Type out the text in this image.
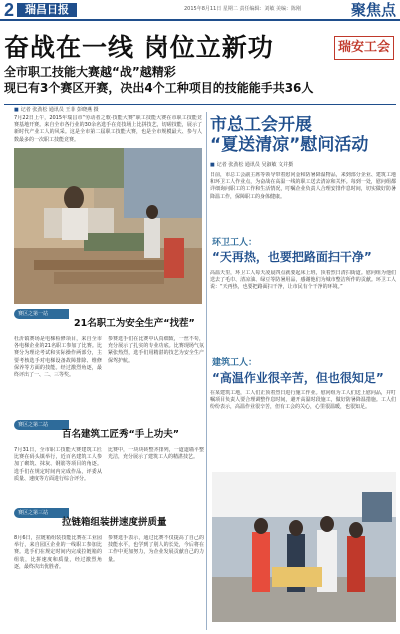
2 瑞昌日报	2015年8月11日 星期二 责任编辑：刘敏 美编：陈刚	聚焦点
奋战在一线 岗位立新功
全市职工技能大赛越“战”越精彩
现已有3个赛区开赛，决出4个工种项目的技能能手共36人
瑞安工会
■ 记者 张劲松 通讯员 王菲 彭晓燕 摄
7月22日上午，2015年瑞昌市“劳动者之歌·技能大赛”职工技能大赛在市职工技能竞赛基地开赛。来自全市各行业的30余名选手在竞技场上比拼技艺，切磋技能，展示了新时代产业工人的风采。这是全市第二届职工技能大赛，也是全市规模最大、参与人数最多的一次职工技能竞赛。
赛区之第一站
21名职工为安全生产“找茬”
杜沂镇赛场是电梯检修项目，来自全市各电梯企业的21名职工参加了比赛。比赛分为理论考试和实际操作两部分，主要考核选手对电梯设备故障排除、维修保养等方面的技能。经过激烈角逐，最终评出了一、二、三等奖。
参赛选手们在比赛中认真细致，一丝不苟，充分展示了扎实的专业功底。比赛现场气氛紧张热烈，选手们用精湛的技艺为安全生产保驾护航。
赛区之第二站
百名建筑工匠秀“手上功夫”
7月31日，全市职工技能大赛建筑工匠比赛在码头镇举行，近百名建筑工人参加了砌筑、抹灰、钢筋等项目的角逐。选手们在规定时间内完成作品，评委从质量、速度等方面进行综合评分。
比赛中，一块块砖整齐排列，一道道墙平整光洁，充分展示了建筑工人的精湛技艺。
赛区之第三站
拉链箱组装拼速度拼质量
8月6日，拉链箱组装技能比赛在工业园举行，来自园区企业的一线职工参加比赛。选手们在规定时间内完成拉链箱的组装，比拼速度和质量，经过激烈角逐，最终决出优胜者。
参赛选手表示，通过比赛不仅提高了自己的技能水平，也学到了别人的长处，今后将在工作中更加努力，为企业发展贡献自己的力量。
市总工会开展
“夏送清凉”慰问活动
■ 记者 张劲松 通讯员 吴淑敏 文并摄
日前，市总工会副主席等领导带着慰问金和防暑降温物品，来到部分企业、建筑工地和环卫工人作业点，为奋战在高温一线的职工送去清凉和关怀。每到一处，慰问组都详细询问职工的工作和生活情况，叮嘱企业负责人合理安排作息时间，切实做好防暑降温工作，保障职工的身体健康。
环卫工人：
“天再热，也要把路面扫干净”
高温天里，环卫工人每天凌晨四点就要起床上班，顶着烈日清扫街道。慰问组为他们送去了毛巾、清凉油、绿豆等防暑用品，感谢他们为城市整洁所作的贡献。环卫工人说：“天再热，也要把路面扫干净，让市民有个干净的环境。”
建筑工人：
“高温作业很辛苦，但也很知足”
在某建筑工地，工人们正顶着烈日进行施工作业。慰问组为工人们送上慰问品，并叮嘱项目负责人要合理调整作息时间，避开高温时段施工，做好防暑降温措施。工人们纷纷表示，高温作业很辛苦，但有工会的关心，心里很温暖，也很知足。
